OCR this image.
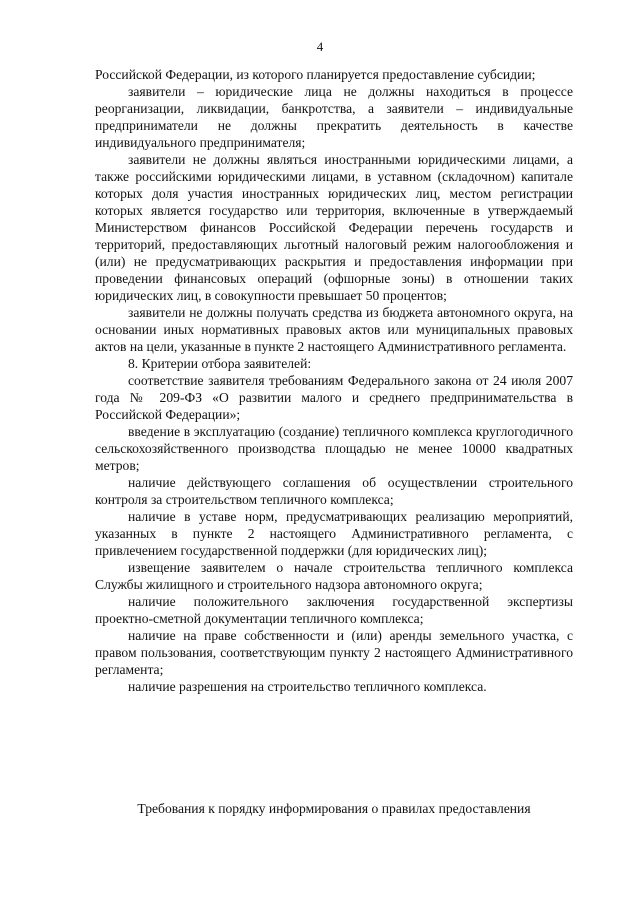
4

Российской Федерации, из которого планируется предоставление субсидии;

заявители – юридические лица не должны находиться в процессе реорганизации, ликвидации, банкротства, а заявители – индивидуальные предприниматели не должны прекратить деятельность в качестве индивидуального предпринимателя;

заявители не должны являться иностранными юридическими лицами, а также российскими юридическими лицами, в уставном (складочном) капитале которых доля участия иностранных юридических лиц, местом регистрации которых является государство или территория, включенные в утверждаемый Министерством финансов Российской Федерации перечень государств и территорий, предоставляющих льготный налоговый режим налогообложения и (или) не предусматривающих раскрытия и предоставления информации при проведении финансовых операций (офшорные зоны) в отношении таких юридических лиц, в совокупности превышает 50 процентов;

заявители не должны получать средства из бюджета автономного округа, на основании иных нормативных правовых актов или муниципальных правовых актов на цели, указанные в пункте 2 настоящего Административного регламента.

8. Критерии отбора заявителей:

соответствие заявителя требованиям Федерального закона от 24 июля 2007 года № 209-ФЗ «О развитии малого и среднего предпринимательства в Российской Федерации»;

введение в эксплуатацию (создание) тепличного комплекса круглогодичного сельскохозяйственного производства площадью не менее 10000 квадратных метров;

наличие действующего соглашения об осуществлении строительного контроля за строительством тепличного комплекса;

наличие в уставе норм, предусматривающих реализацию мероприятий, указанных в пункте 2 настоящего Административного регламента, с привлечением государственной поддержки (для юридических лиц);

извещение заявителем о начале строительства тепличного комплекса Службы жилищного и строительного надзора автономного округа;

наличие положительного заключения государственной экспертизы проектно-сметной документации тепличного комплекса;

наличие на праве собственности и (или) аренды земельного участка, с правом пользования, соответствующим пункту 2 настоящего Административного регламента;

наличие разрешения на строительство тепличного комплекса.

Требования к порядку информирования о правилах предоставления
